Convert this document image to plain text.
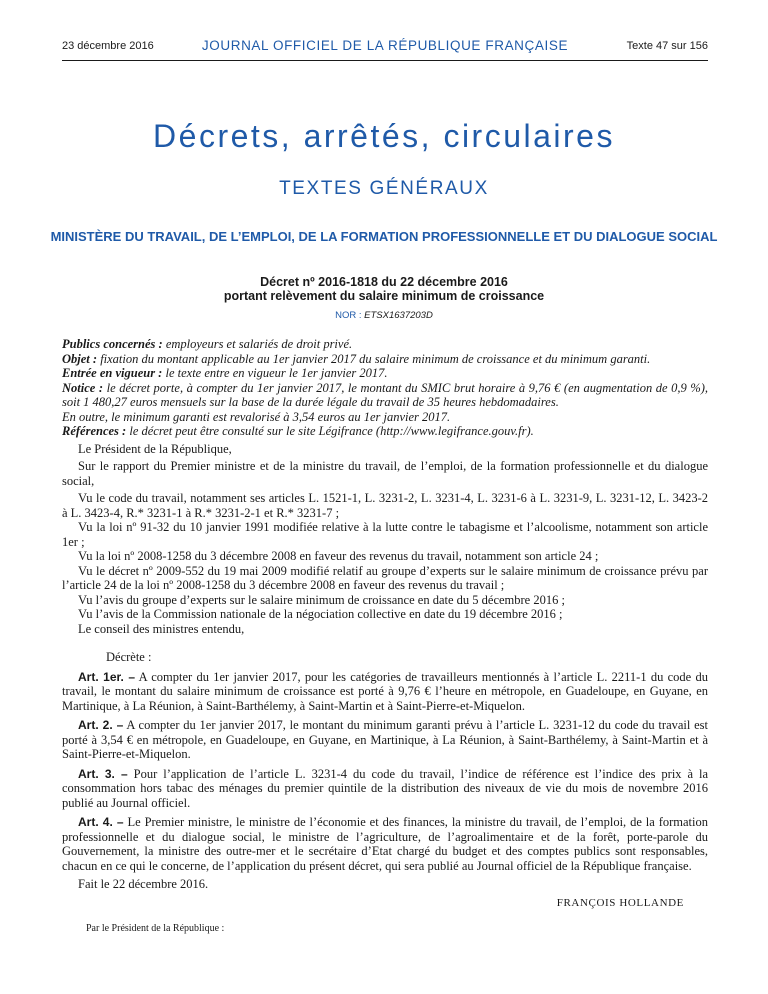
23 décembre 2016	JOURNAL OFFICIEL DE LA RÉPUBLIQUE FRANÇAISE	Texte 47 sur 156
Décrets, arrêtés, circulaires
TEXTES GÉNÉRAUX
MINISTÈRE DU TRAVAIL, DE L’EMPLOI, DE LA FORMATION PROFESSIONNELLE ET DU DIALOGUE SOCIAL
Décret nº 2016-1818 du 22 décembre 2016
portant relèvement du salaire minimum de croissance
NOR : ETSX1637203D

Publics concernés : employeurs et salariés de droit privé.

Objet : fixation du montant applicable au 1er janvier 2017 du salaire minimum de croissance et du minimum garanti.

Entrée en vigueur : le texte entre en vigueur le 1er janvier 2017.

Notice : le décret porte, à compter du 1er janvier 2017, le montant du SMIC brut horaire à 9,76 € (en augmentation de 0,9 %), soit 1 480,27 euros mensuels sur la base de la durée légale du travail de 35 heures hebdomadaires.

En outre, le minimum garanti est revalorisé à 3,54 euros au 1er janvier 2017.

Références : le décret peut être consulté sur le site Légifrance (http://www.legifrance.gouv.fr).

Le Président de la République,

Sur le rapport du Premier ministre et de la ministre du travail, de l’emploi, de la formation professionnelle et du dialogue social,

Vu le code du travail, notamment ses articles L. 1521-1, L. 3231-2, L. 3231-4, L. 3231-6 à L. 3231-9, L. 3231-12, L. 3423-2 à L. 3423-4, R.* 3231-1 à R.* 3231-2-1 et R.* 3231-7 ;

Vu la loi nº 91-32 du 10 janvier 1991 modifiée relative à la lutte contre le tabagisme et l’alcoolisme, notamment son article 1er ;

Vu la loi nº 2008-1258 du 3 décembre 2008 en faveur des revenus du travail, notamment son article 24 ;

Vu le décret nº 2009-552 du 19 mai 2009 modifié relatif au groupe d’experts sur le salaire minimum de croissance prévu par l’article 24 de la loi nº 2008-1258 du 3 décembre 2008 en faveur des revenus du travail ;

Vu l’avis du groupe d’experts sur le salaire minimum de croissance en date du 5 décembre 2016 ;

Vu l’avis de la Commission nationale de la négociation collective en date du 19 décembre 2016 ;

Le conseil des ministres entendu,

Décrète :

Art. 1er. – A compter du 1er janvier 2017, pour les catégories de travailleurs mentionnés à l’article L. 2211-1 du code du travail, le montant du salaire minimum de croissance est porté à 9,76 € l’heure en métropole, en Guadeloupe, en Guyane, en Martinique, à La Réunion, à Saint-Barthélemy, à Saint-Martin et à Saint-Pierre-et-Miquelon.

Art. 2. – A compter du 1er janvier 2017, le montant du minimum garanti prévu à l’article L. 3231-12 du code du travail est porté à 3,54 € en métropole, en Guadeloupe, en Guyane, en Martinique, à La Réunion, à Saint-Barthélemy, à Saint-Martin et à Saint-Pierre-et-Miquelon.

Art. 3. – Pour l’application de l’article L. 3231-4 du code du travail, l’indice de référence est l’indice des prix à la consommation hors tabac des ménages du premier quintile de la distribution des niveaux de vie du mois de novembre 2016 publié au Journal officiel.

Art. 4. – Le Premier ministre, le ministre de l’économie et des finances, la ministre du travail, de l’emploi, de la formation professionnelle et du dialogue social, le ministre de l’agriculture, de l’agroalimentaire et de la forêt, porte-parole du Gouvernement, la ministre des outre-mer et le secrétaire d’Etat chargé du budget et des comptes publics sont responsables, chacun en ce qui le concerne, de l’application du présent décret, qui sera publié au Journal officiel de la République française.

Fait le 22 décembre 2016.

FRANÇOIS HOLLANDE

Par le Président de la République :
